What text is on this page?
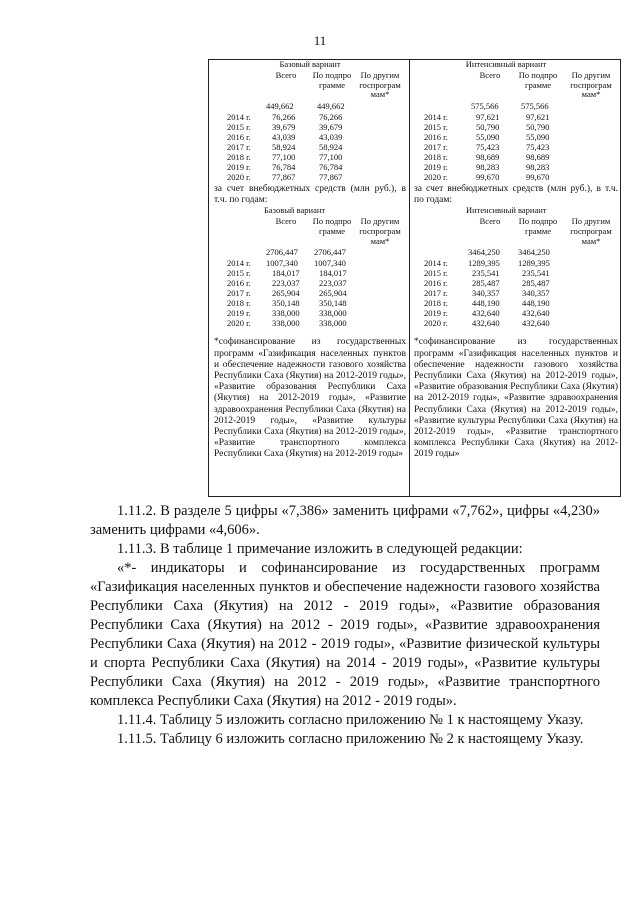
11
Базовый вариант
Всего	По подпро грамме
По другим госпрограм мам*
449,662	449,662
2014 г. 76,266	76,266
2015 г. 39,679	39,679
2016 г. 43,039	43,039
2017 г. 58,924	58,924
2018 г. 77,100	77,100
2019 г. 76,784	76,784
2020 г. 77,867	77,867
за счет внебюджетных средств (млн руб.), в т.ч. по годам:
Базовый вариант
Всего	По подпро грамме
По другим госпрограм мам*
2706,447 2706,447
2014 г. 1007,340 1007,340
2015 г. 184,017 184,017
2016 г. 223,037 223,037
2017 г. 265,904 265,904
2018 г. 350,148 350,148
2019 г. 338,000 338,000
2020 г. 338,000 338,000
*софинансирование из государственных программ «Газификация населенных пунктов и обеспечение надежности газового хозяйства Республики Саха (Якутия) на 2012-2019 годы», «Развитие образования Республики Саха (Якутия) на 2012-2019 годы», «Развитие здравоохранения Республики Саха (Якутия) на 2012-2019 годы», «Развитие культуры Республики Саха (Якутия) на 2012-2019 годы», «Развитие транспортного комплекса Республики Саха (Якутия) на 2012-2019 годы»
Интенсивный вариант
Всего	По подпро грамме
По другим госпрограм мам*
575,566	575,566
2014 г.	97,621	97,621
2015 г.	50,790	50,790
2016 г.	55,090	55,090
2017 г.	75,423	75,423
2018 г.	98,689	98,689
2019 г.	98,283	98,283
2020 г.	99,670	99,670
за счет внебюджетных средств (млн руб.), в т.ч. по годам:
Интенсивный вариант
Всего	По подпро грамме
По другим госпрограм мам*
3464,250 3464,250
2014 г. 1289,395 1289,395
2015 г.	235,541	235,541
2016 г.	285,487	285,487
2017 г.	340,357	340,357
2018 г.	448,190	448,190
2019 г.	432,640	432,640
2020 г.	432,640	432,640
*софинансирование из государственных программ «Газификация населенных пунктов и обеспечение надежности газового хозяйства Республики Саха (Якутия) на 2012-2019 годы», «Развитие образования Республики Саха (Якутия) на 2012-2019 годы», «Развитие здравоохранения Республики Саха (Якутия) на 2012-2019 годы», «Развитие культуры Республики Саха (Якутия) на 2012-2019 годы», «Развитие транспортного комплекса Республики Саха (Якутия) на 2012-2019 годы»

1.11.2. В разделе 5 цифры «7,386» заменить цифрами «7,762», цифры «4,230» заменить цифрами «4,606».

1.11.3. В таблице 1 примечание изложить в следующей редакции:

«*- индикаторы и софинансирование из государственных программ «Газификация населенных пунктов и обеспечение надежности газового хозяйства Республики Саха (Якутия) на 2012 - 2019 годы», «Развитие образования Республики Саха (Якутия) на 2012 - 2019 годы», «Развитие здравоохранения Республики Саха (Якутия) на 2012 - 2019 годы», «Развитие физической культуры и спорта Республики Саха (Якутия) на 2014 - 2019 годы», «Развитие культуры Республики Саха (Якутия) на 2012 - 2019 годы», «Развитие транспортного комплекса Республики Саха (Якутия) на 2012 - 2019 годы».

1.11.4. Таблицу 5 изложить согласно приложению № 1 к настоящему Указу.

1.11.5. Таблицу 6 изложить согласно приложению № 2 к настоящему Указу.
